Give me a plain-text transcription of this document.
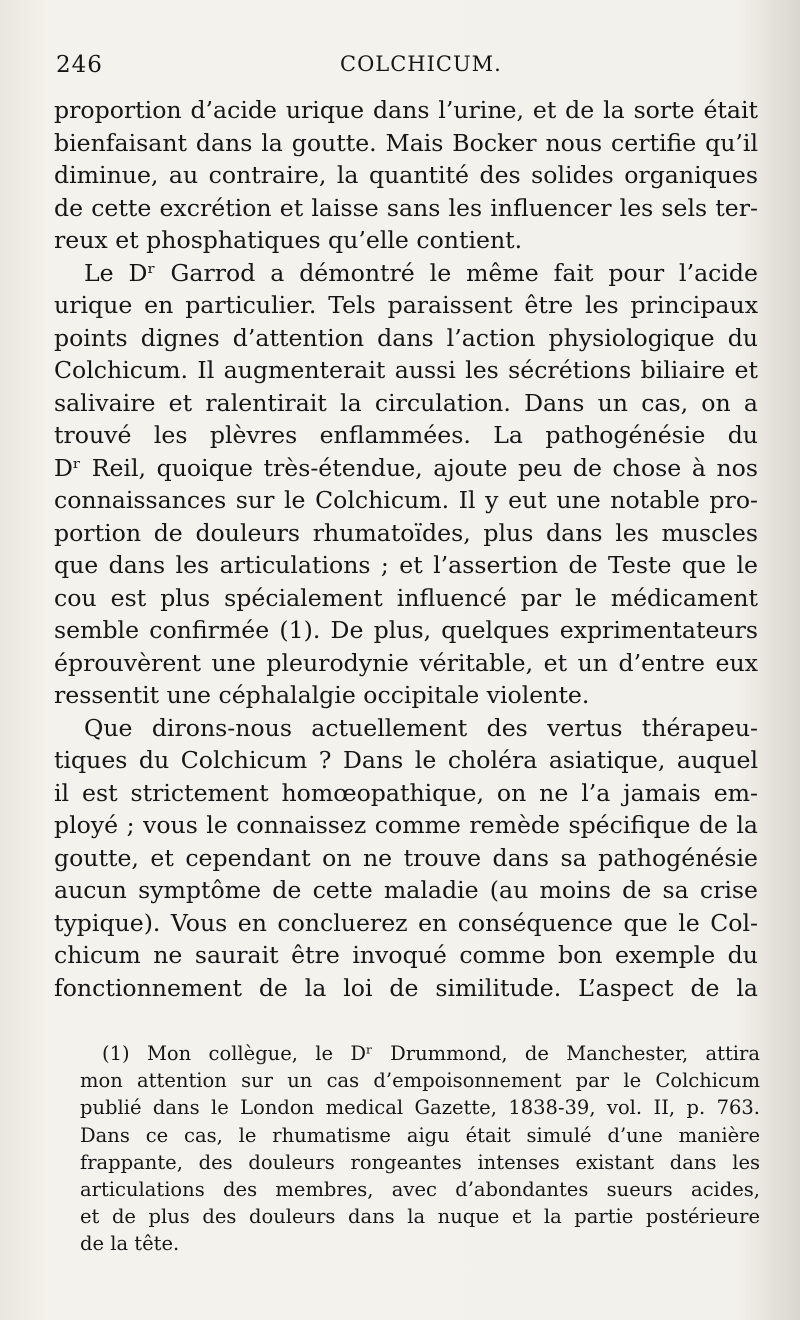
246	COLCHICUM.
proportion d’acide urique dans l’urine, et de la sorte était
bienfaisant dans la goutte. Mais Bocker nous certifie qu’il
diminue, au contraire, la quantité des solides organiques
de cette excrétion et laisse sans les influencer les sels ter-
reux et phosphatiques qu’elle contient.
Le Dʳ Garrod a démontré le même fait pour l’acide
urique en particulier. Tels paraissent être les principaux
points dignes d’attention dans l’action physiologique du
Colchicum. Il augmenterait aussi les sécrétions biliaire et
salivaire et ralentirait la circulation. Dans un cas, on a
trouvé les plèvres enflammées. La pathogénésie du
Dʳ Reil, quoique très-étendue, ajoute peu de chose à nos
connaissances sur le Colchicum. Il y eut une notable pro-
portion de douleurs rhumatoïdes, plus dans les muscles
que dans les articulations ; et l’assertion de Teste que le
cou est plus spécialement influencé par le médicament
semble confirmée (1). De plus, quelques exprimentateurs
éprouvèrent une pleurodynie véritable, et un d’entre eux
ressentit une céphalalgie occipitale violente.
Que dirons-nous actuellement des vertus thérapeu-
tiques du Colchicum ? Dans le choléra asiatique, auquel
il est strictement homœopathique, on ne l’a jamais em-
ployé ; vous le connaissez comme remède spécifique de la
goutte, et cependant on ne trouve dans sa pathogénésie
aucun symptôme de cette maladie (au moins de sa crise
typique). Vous en concluerez en conséquence que le Col-
chicum ne saurait être invoqué comme bon exemple du
fonctionnement de la loi de similitude. L’aspect de la
(1) Mon collègue, le Dʳ Drummond, de Manchester, attira
mon attention sur un cas d’empoisonnement par le Colchicum
publié dans le London medical Gazette, 1838-39, vol. II, p. 763.
Dans ce cas, le rhumatisme aigu était simulé d’une manière
frappante, des douleurs rongeantes intenses existant dans les
articulations des membres, avec d’abondantes sueurs acides,
et de plus des douleurs dans la nuque et la partie postérieure
de la tête.
